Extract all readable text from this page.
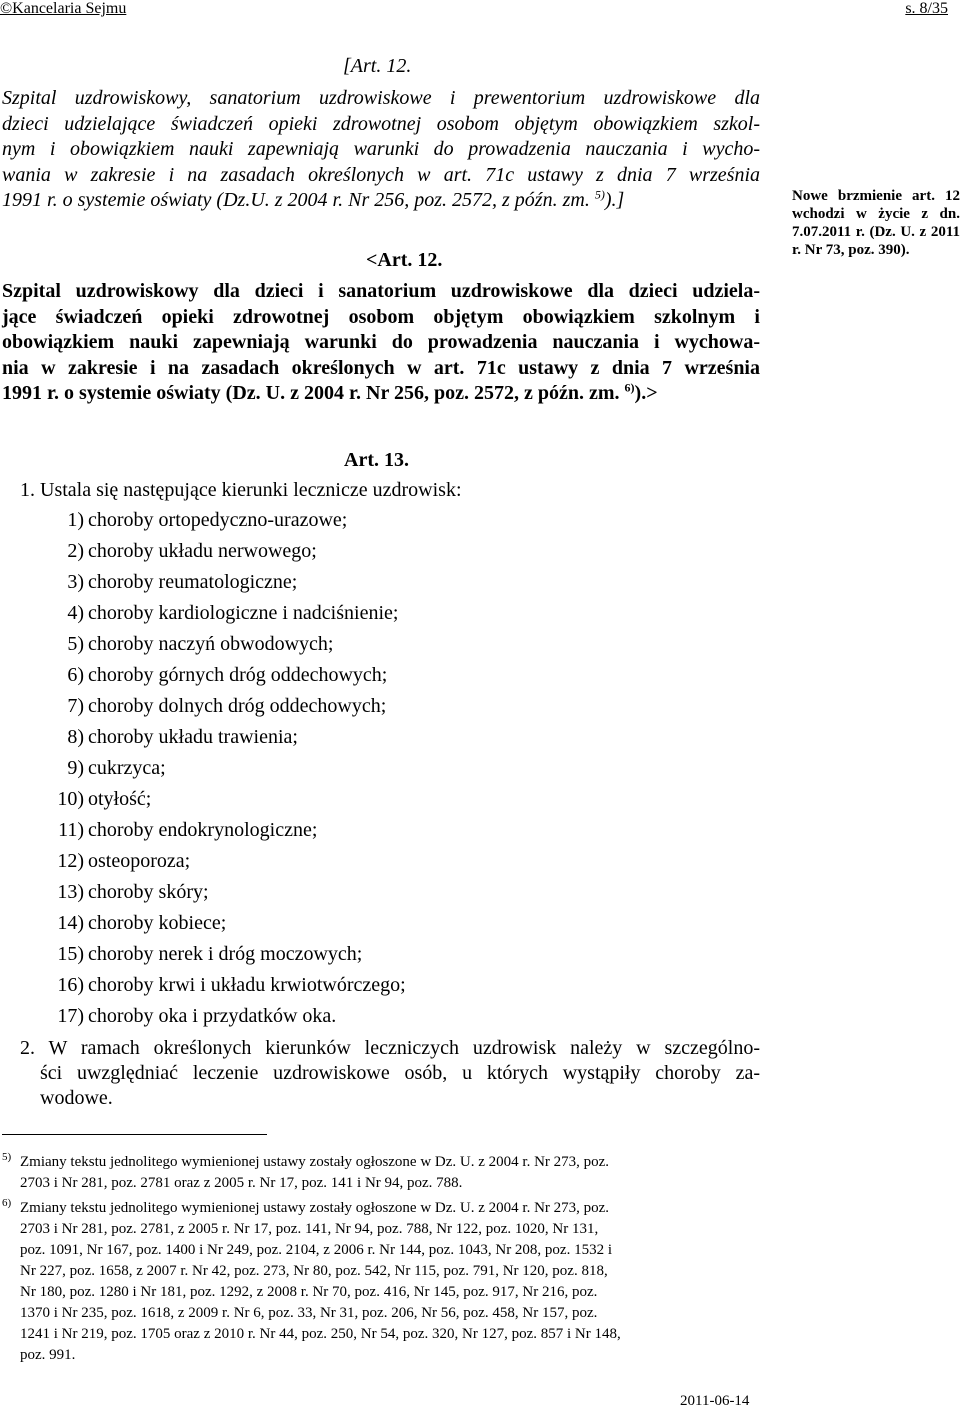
©Kancelaria Sejmu	s. 8/35
[Art. 12.
Szpital uzdrowiskowy, sanatorium uzdrowiskowe i prewentorium uzdrowiskowe dla
dzieci udzielające świadczeń opieki zdrowotnej osobom objętym obowiązkiem szkol-
nym i obowiązkiem nauki zapewniają warunki do prowadzenia nauczania i wycho-
wania w zakresie i na zasadach określonych w art. 71c ustawy z dnia 7 września
1991 r. o systemie oświaty (Dz.U. z 2004 r. Nr 256, poz. 2572, z późn. zm. $^{5)}$).]	Nowe brzmienie art. 12 wchodzi w życie z dn. 7.07.2011 r. (Dz. U. z 2011 r. Nr 73, poz. 390).
<Art. 12.
Szpital uzdrowiskowy dla dzieci i sanatorium uzdrowiskowe dla dzieci udziela-
jące świadczeń opieki zdrowotnej osobom objętym obowiązkiem szkolnym i
obowiązkiem nauki zapewniają warunki do prowadzenia nauczania i wychowa-
nia w zakresie i na zasadach określonych w art. 71c ustawy z dnia 7 września
1991 r. o systemie oświaty (Dz. U. z 2004 r. Nr 256, poz. 2572, z późn. zm. $^{6)}$).>
Art. 13.
1. Ustala się następujące kierunki lecznicze uzdrowisk:
1) choroby ortopedyczno-urazowe;
2) choroby układu nerwowego;
3) choroby reumatologiczne;
4) choroby kardiologiczne i nadciśnienie;
5) choroby naczyń obwodowych;
6) choroby górnych dróg oddechowych;
7) choroby dolnych dróg oddechowych;
8) choroby układu trawienia;
9) cukrzyca;
10) otyłość;
11) choroby endokrynologiczne;
12) osteoporoza;
13) choroby skóry;
14) choroby kobiece;
15) choroby nerek i dróg moczowych;
16) choroby krwi i układu krwiotwórczego;
17) choroby oka i przydatków oka.
2. W ramach określonych kierunków leczniczych uzdrowisk należy w szczególno-
ści uwzględniać leczenie uzdrowiskowe osób, u których wystąpiły choroby za-
wodowe.
5) Zmiany tekstu jednolitego wymienionej ustawy zostały ogłoszone w Dz. U. z 2004 r. Nr 273, poz.
2703 i Nr 281, poz. 2781 oraz z 2005 r. Nr 17, poz. 141 i Nr 94, poz. 788.
6) Zmiany tekstu jednolitego wymienionej ustawy zostały ogłoszone w Dz. U. z 2004 r. Nr 273, poz.
2703 i Nr 281, poz. 2781, z 2005 r. Nr 17, poz. 141, Nr 94, poz. 788, Nr 122, poz. 1020, Nr 131,
poz. 1091, Nr 167, poz. 1400 i Nr 249, poz. 2104, z 2006 r. Nr 144, poz. 1043, Nr 208, poz. 1532 i
Nr 227, poz. 1658, z 2007 r. Nr 42, poz. 273, Nr 80, poz. 542, Nr 115, poz. 791, Nr 120, poz. 818,
Nr 180, poz. 1280 i Nr 181, poz. 1292, z 2008 r. Nr 70, poz. 416, Nr 145, poz. 917, Nr 216, poz.
1370 i Nr 235, poz. 1618, z 2009 r. Nr 6, poz. 33, Nr 31, poz. 206, Nr 56, poz. 458, Nr 157, poz.
1241 i Nr 219, poz. 1705 oraz z 2010 r. Nr 44, poz. 250, Nr 54, poz. 320, Nr 127, poz. 857 i Nr 148,
poz. 991.
2011-06-14
